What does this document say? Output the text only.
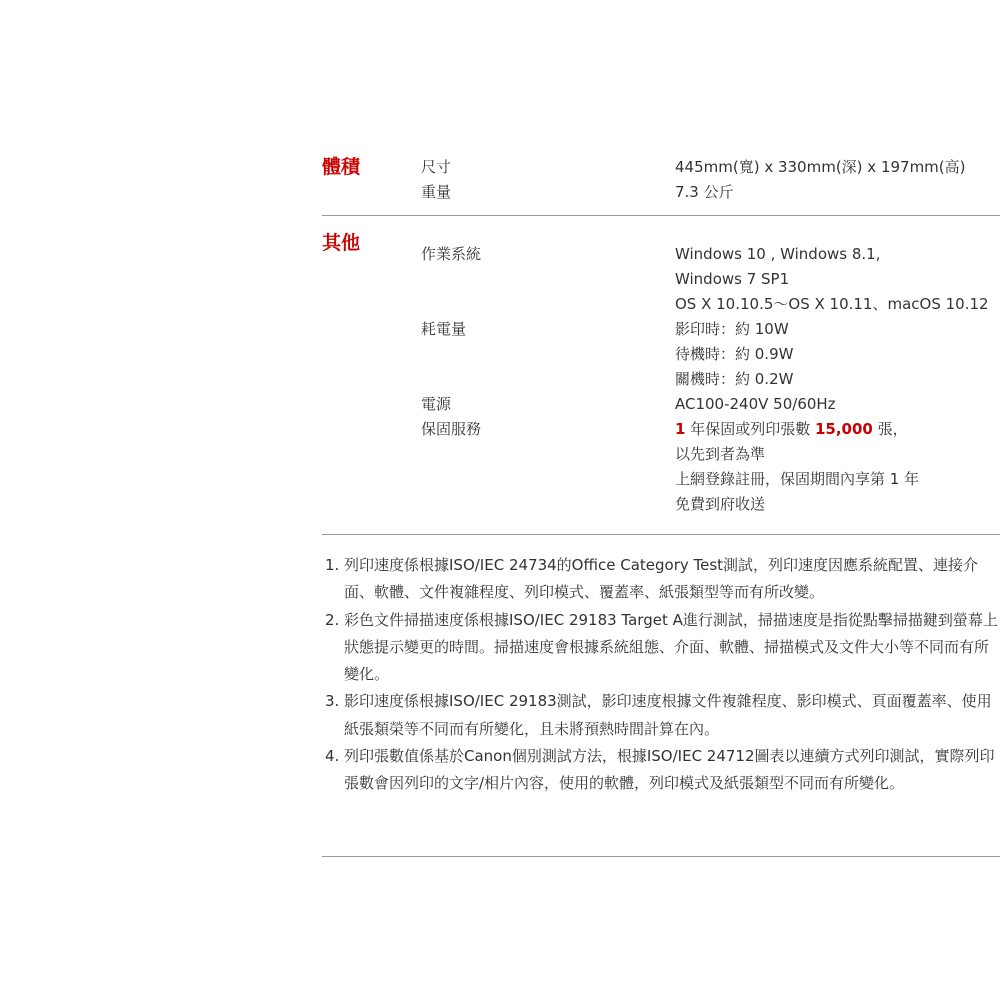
體積	尺寸	445mm(寬) x 330mm(深) x 197mm(高)
重量	7.3 公斤
其他	作業系統	Windows 10 , Windows 8.1,
Windows 7 SP1
OS X 10.10.5～OS X 10.11、macOS 10.12
耗電量	影印時：約 10W
待機時：約 0.9W
關機時：約 0.2W
電源	AC100-240V 50/60Hz
保固服務	1 年保固或列印張數 15,000 張，
以先到者為準
上網登錄註冊，保固期間內享第 1 年
免費到府收送
1. 列印速度係根據ISO/IEC 24734的Office Category Test測試，列印速度因應系統配置、連接介面、軟體、文件複雜程度、列印模式、覆蓋率、紙張類型等而有所改變。
2. 彩色文件掃描速度係根據ISO/IEC 29183 Target A進行測試，掃描速度是指從點擊掃描鍵到螢幕上狀態提示變更的時間。掃描速度會根據系統組態、介面、軟體、掃描模式及文件大小等不同而有所變化。
3. 影印速度係根據ISO/IEC 29183測試，影印速度根據文件複雜程度、影印模式、頁面覆蓋率、使用紙張類榮等不同而有所變化，且未將預熱時間計算在內。
4. 列印張數值係基於Canon個別測試方法，根據ISO/IEC 24712圖表以連續方式列印測試，實際列印張數會因列印的文字/相片內容，使用的軟體，列印模式及紙張類型不同而有所變化。
